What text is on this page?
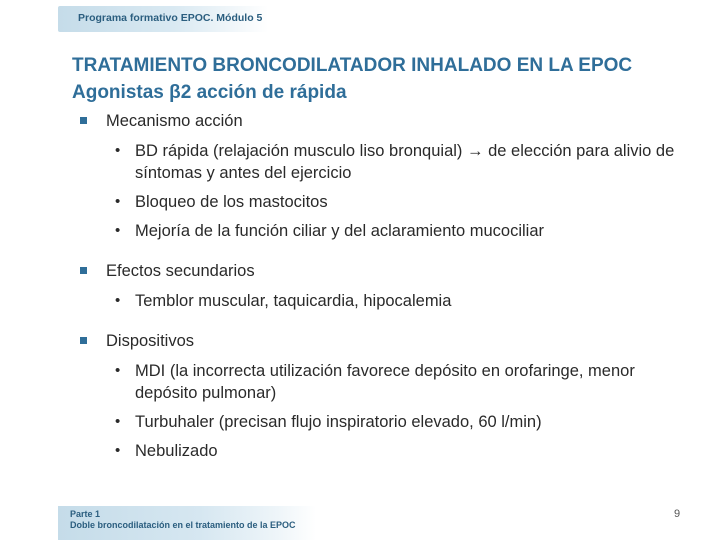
Programa formativo EPOC. Módulo 5
TRATAMIENTO BRONCODILATADOR INHALADO EN LA EPOC
Agonistas β2 acción de rápida
Mecanismo acción
• BD rápida (relajación musculo liso bronquial) → de elección para alivio de síntomas y antes del ejercicio
• Bloqueo de los mastocitos
• Mejoría de la función ciliar y del aclaramiento mucociliar
Efectos secundarios
• Temblor muscular, taquicardia, hipocalemia
Dispositivos
• MDI (la incorrecta utilización favorece depósito en orofaringe, menor depósito pulmonar)
• Turbuhaler (precisan flujo inspiratorio elevado, 60 l/min)
• Nebulizado
Parte 1
Doble broncodilatación en el tratamiento de la EPOC
9
